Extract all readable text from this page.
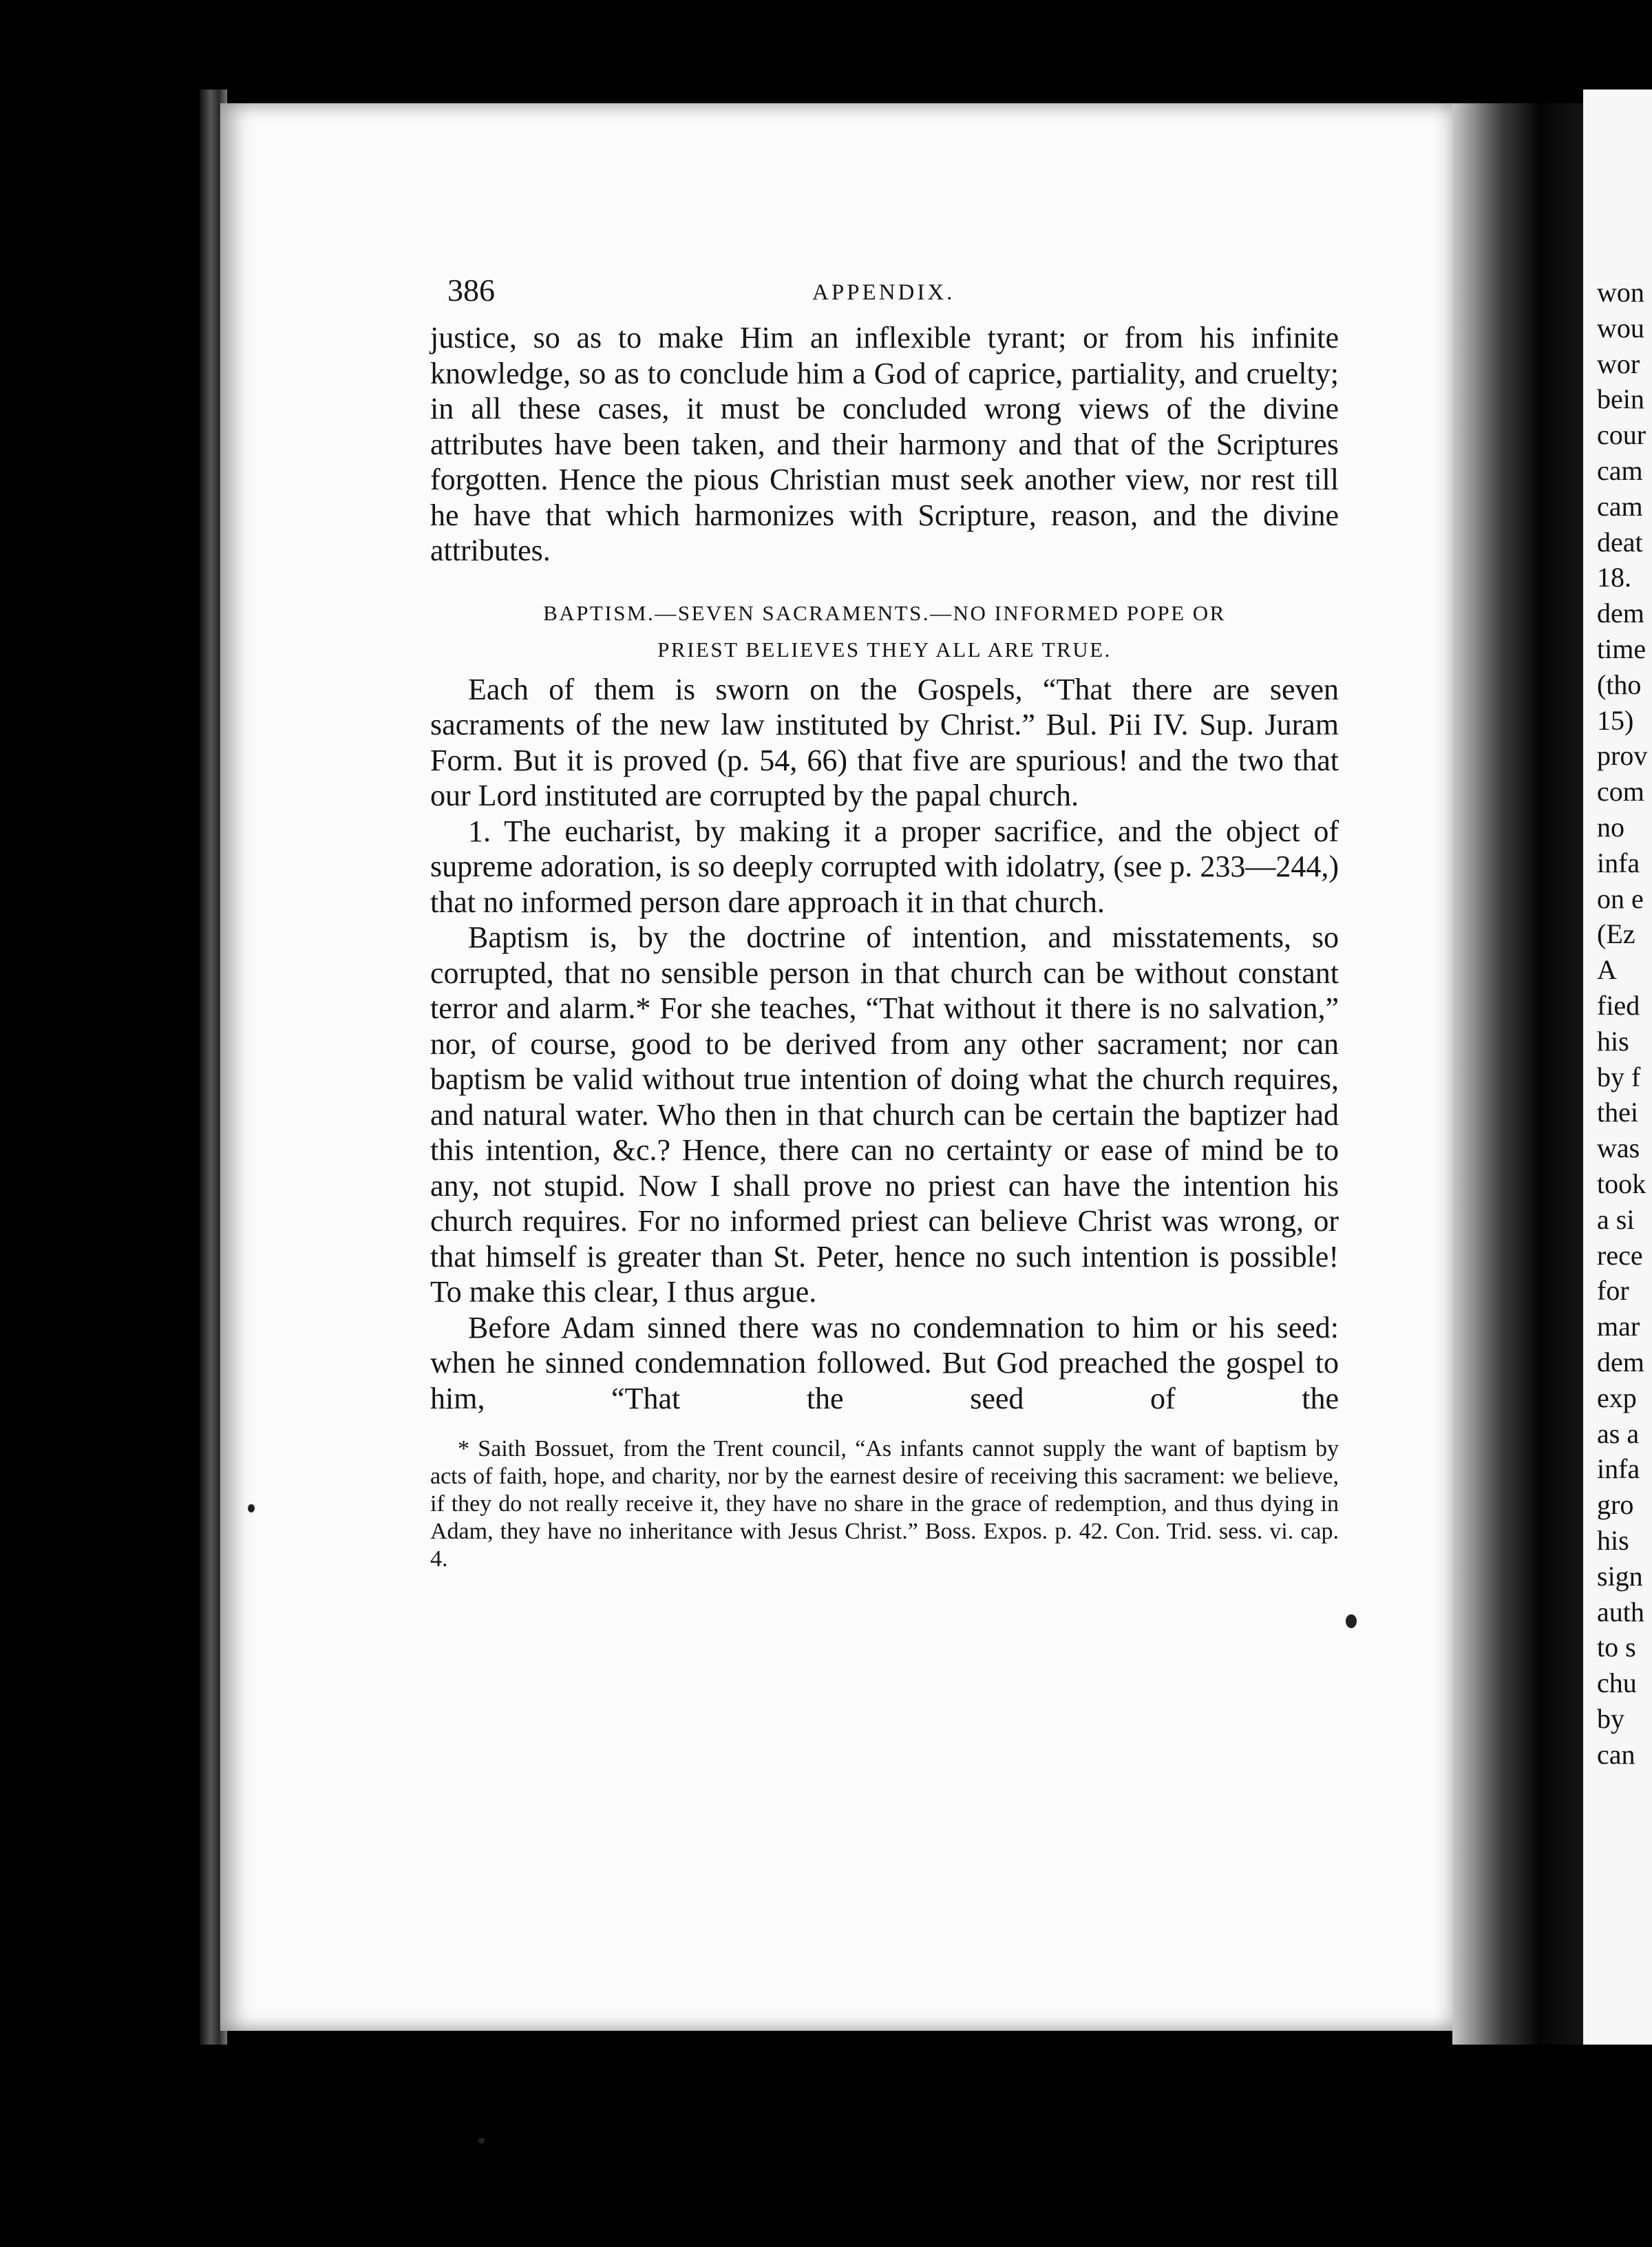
won
wou
wor
bein
cour
cam
cam
deat
18.
dem
time
(tho
15)
prov
com
no
infa
on e
(Ez
A
fied
his
by f
thei
was
took
a si
rece
for
mar
dem
exp
as a
infa
gro
his
sign
auth
to s
chu
by
can
386	APPENDIX.

justice, so as to make Him an inflexible tyrant; or from his infinite knowledge, so as to conclude him a God of caprice, partiality, and cruelty; in all these cases, it must be concluded wrong views of the divine attributes have been taken, and their harmony and that of the Scriptures forgotten. Hence the pious Christian must seek another view, nor rest till he have that which harmonizes with Scripture, reason, and the divine attributes.

BAPTISM.—SEVEN SACRAMENTS.—NO INFORMED POPE OR
PRIEST BELIEVES THEY ALL ARE TRUE.

Each of them is sworn on the Gospels, “That there are seven sacraments of the new law instituted by Christ.” Bul. Pii IV. Sup. Juram Form. But it is proved (p. 54, 66) that five are spurious! and the two that our Lord instituted are corrupted by the papal church.

1. The eucharist, by making it a proper sacrifice, and the object of supreme adoration, is so deeply corrupted with idolatry, (see p. 233—244,) that no informed person dare approach it in that church.

Baptism is, by the doctrine of intention, and misstatements, so corrupted, that no sensible person in that church can be without constant terror and alarm.* For she teaches, “That without it there is no salvation,” nor, of course, good to be derived from any other sacrament; nor can baptism be valid without true intention of doing what the church requires, and natural water. Who then in that church can be certain the baptizer had this intention, &c.? Hence, there can no certainty or ease of mind be to any, not stupid. Now I shall prove no priest can have the intention his church requires. For no informed priest can believe Christ was wrong, or that himself is greater than St. Peter, hence no such intention is possible! To make this clear, I thus argue.

Before Adam sinned there was no condemnation to him or his seed: when he sinned condemnation followed. But God preached the gospel to him, “That the seed of the

* Saith Bossuet, from the Trent council, “As infants cannot supply the want of baptism by acts of faith, hope, and charity, nor by the earnest desire of receiving this sacrament: we believe, if they do not really receive it, they have no share in the grace of redemption, and thus dying in Adam, they have no inheritance with Jesus Christ.” Boss. Expos. p. 42. Con. Trid. sess. vi. cap. 4.
